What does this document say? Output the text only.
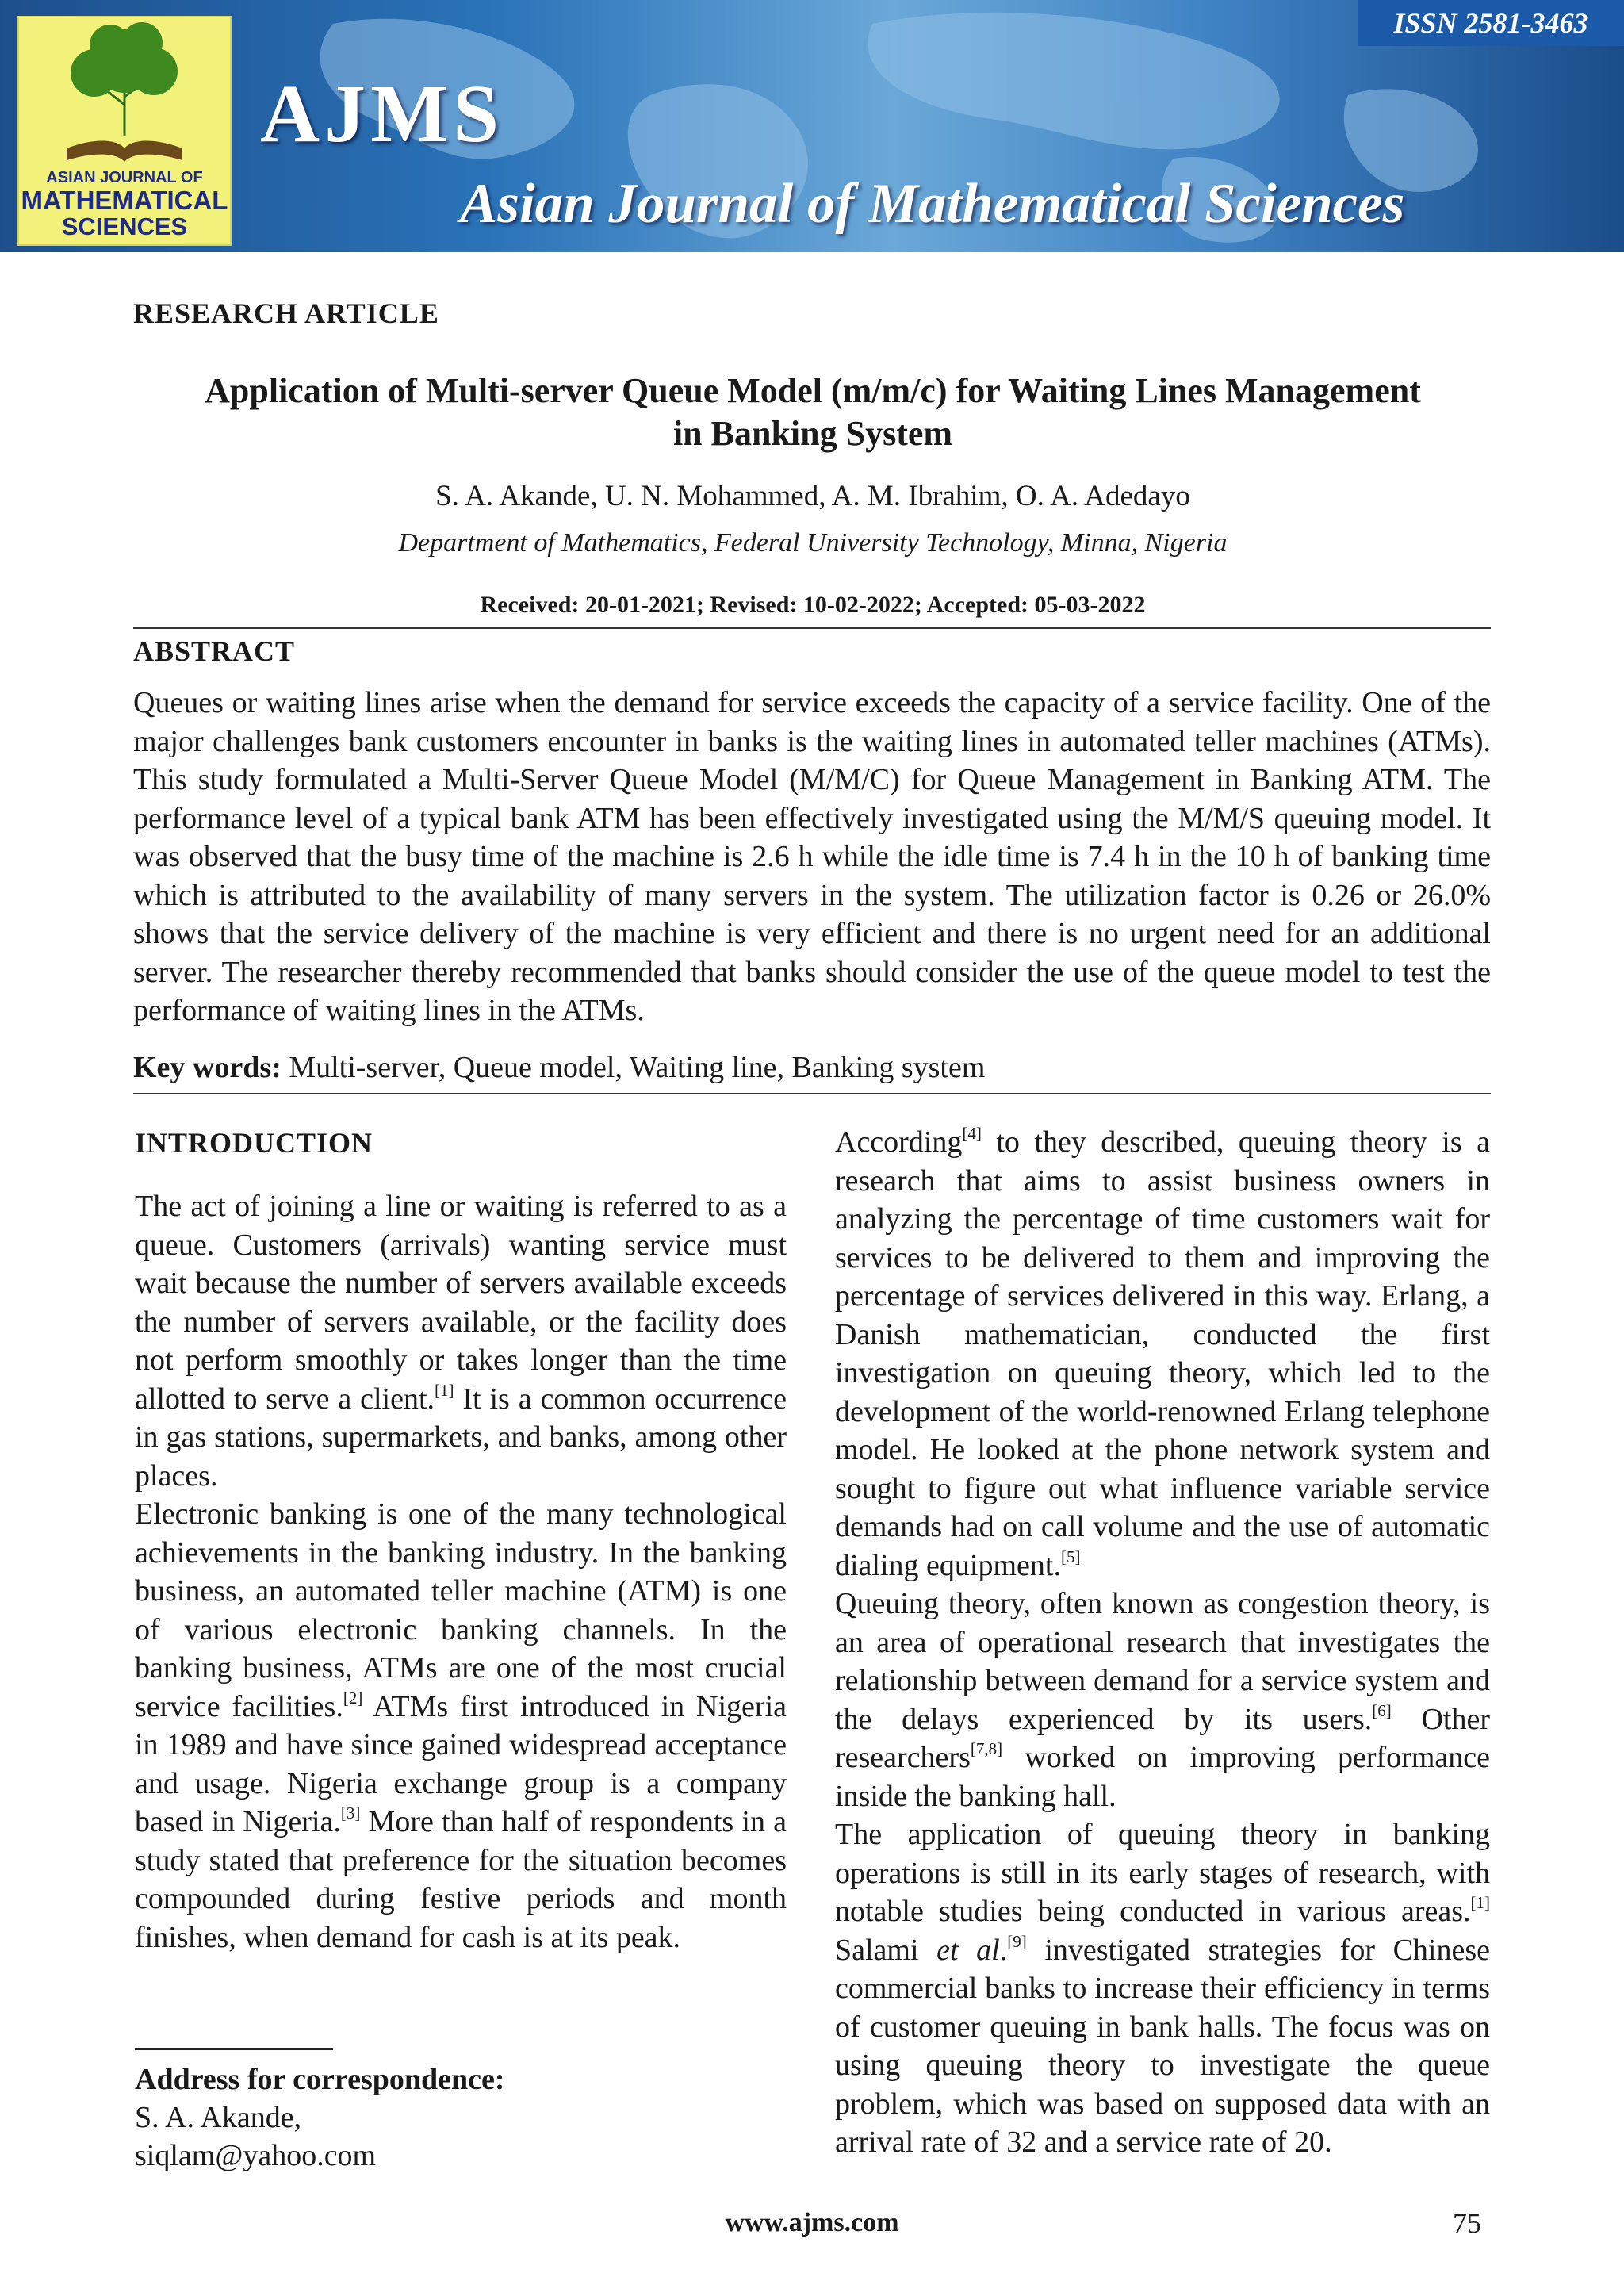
ASIAN JOURNAL OF
MATHEMATICAL
SCIENCES
AJMS
Asian Journal of Mathematical Sciences
ISSN 2581-3463
RESEARCH ARTICLE
Application of Multi-server Queue Model (m/m/c) for Waiting Lines Management
in Banking System
S. A. Akande, U. N. Mohammed, A. M. Ibrahim, O. A. Adedayo
Department of Mathematics, Federal University Technology, Minna, Nigeria
Received: 20-01-2021; Revised: 10-02-2022; Accepted: 05-03-2022
ABSTRACT
Queues or waiting lines arise when the demand for service exceeds the capacity of a service facility. One of the major challenges bank customers encounter in banks is the waiting lines in automated teller machines (ATMs). This study formulated a Multi-Server Queue Model (M/M/C) for Queue Management in Banking ATM. The performance level of a typical bank ATM has been effectively investigated using the M/M/S queuing model. It was observed that the busy time of the machine is 2.6 h while the idle time is 7.4 h in the 10 h of banking time which is attributed to the availability of many servers in the system. The utilization factor is 0.26 or 26.0% shows that the service delivery of the machine is very efficient and there is no urgent need for an additional server. The researcher thereby recommended that banks should consider the use of the queue model to test the performance of waiting lines in the ATMs.
Key words: Multi-server, Queue model, Waiting line, Banking system
INTRODUCTION

The act of joining a line or waiting is referred to as a queue. Customers (arrivals) wanting service must wait because the number of servers available exceeds the number of servers available, or the facility does not perform smoothly or takes longer than the time allotted to serve a client.[1] It is a common occurrence in gas stations, supermarkets, and banks, among other places.

Electronic banking is one of the many technological achievements in the banking industry. In the banking business, an automated teller machine (ATM) is one of various electronic banking channels. In the banking business, ATMs are one of the most crucial service facilities.[2] ATMs first introduced in Nigeria in 1989 and have since gained widespread acceptance and usage. Nigeria exchange group is a company based in Nigeria.[3] More than half of respondents in a study stated that preference for the situation becomes compounded during festive periods and month finishes, when demand for cash is at its peak.

Address for correspondence:
S. A. Akande,
siqlam@yahoo.com

According[4] to they described, queuing theory is a research that aims to assist business owners in analyzing the percentage of time customers wait for services to be delivered to them and improving the percentage of services delivered in this way. Erlang, a Danish mathematician, conducted the first investigation on queuing theory, which led to the development of the world-renowned Erlang telephone model. He looked at the phone network system and sought to figure out what influence variable service demands had on call volume and the use of automatic dialing equipment.[5]

Queuing theory, often known as congestion theory, is an area of operational research that investigates the relationship between demand for a service system and the delays experienced by its users.[6] Other researchers[7,8] worked on improving performance inside the banking hall.

The application of queuing theory in banking operations is still in its early stages of research, with notable studies being conducted in various areas.[1] Salami et al.[9] investigated strategies for Chinese commercial banks to increase their efficiency in terms of customer queuing in bank halls. The focus was on using queuing theory to investigate the queue problem, which was based on supposed data with an arrival rate of 32 and a service rate of 20.

www.ajms.com	75
